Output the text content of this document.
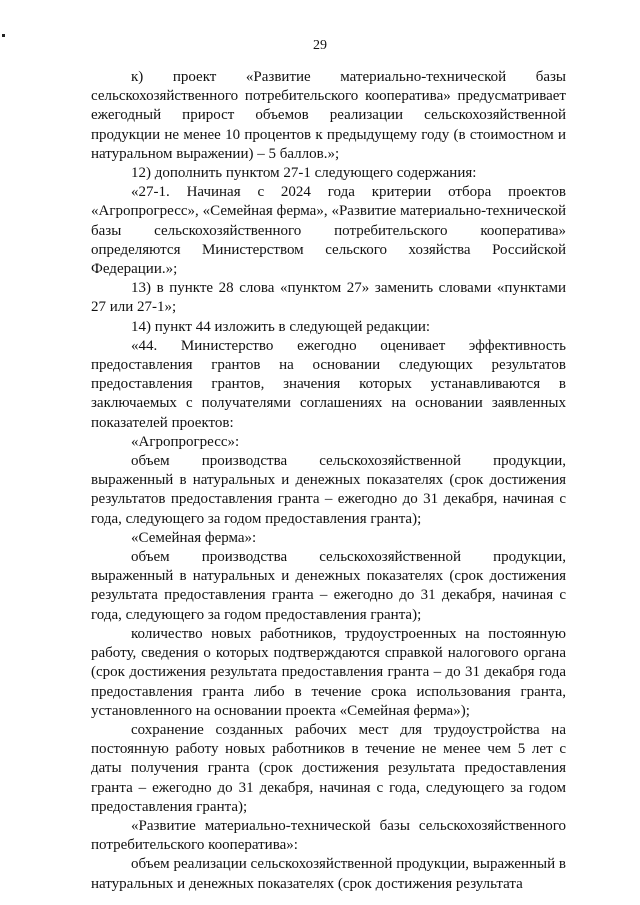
29

к) проект «Развитие материально-технической базы сельскохозяйственного потребительского кооператива» предусматривает ежегодный прирост объемов реализации сельскохозяйственной продукции не менее 10 процентов к предыдущему году (в стоимостном и натуральном выражении) – 5 баллов.»;

12) дополнить пунктом 27-1 следующего содержания:

«27-1. Начиная с 2024 года критерии отбора проектов «Агропрогресс», «Семейная ферма», «Развитие материально-технической базы сельскохозяйственного потребительского кооператива» определяются Министерством сельского хозяйства Российской Федерации.»;

13) в пункте 28 слова «пунктом 27» заменить словами «пунктами 27 или 27-1»;

14) пункт 44 изложить в следующей редакции:

«44. Министерство ежегодно оценивает эффективность предоставления грантов на основании следующих результатов предоставления грантов, значения которых устанавливаются в заключаемых с получателями соглашениях на основании заявленных показателей проектов:

«Агропрогресс»:

объем производства сельскохозяйственной продукции, выраженный в натуральных и денежных показателях (срок достижения результатов предоставления гранта – ежегодно до 31 декабря, начиная с года, следующего за годом предоставления гранта);

«Семейная ферма»:

объем производства сельскохозяйственной продукции, выраженный в натуральных и денежных показателях (срок достижения результата предоставления гранта – ежегодно до 31 декабря, начиная с года, следующего за годом предоставления гранта);

количество новых работников, трудоустроенных на постоянную работу, сведения о которых подтверждаются справкой налогового органа (срок достижения результата предоставления гранта – до 31 декабря года предоставления гранта либо в течение срока использования гранта, установленного на основании проекта «Семейная ферма»);

сохранение созданных рабочих мест для трудоустройства на постоянную работу новых работников в течение не менее чем 5 лет с даты получения гранта (срок достижения результата предоставления гранта – ежегодно до 31 декабря, начиная с года, следующего за годом предоставления гранта);

«Развитие материально-технической базы сельскохозяйственного потребительского кооператива»:

объем реализации сельскохозяйственной продукции, выраженный в натуральных и денежных показателях (срок достижения результата
